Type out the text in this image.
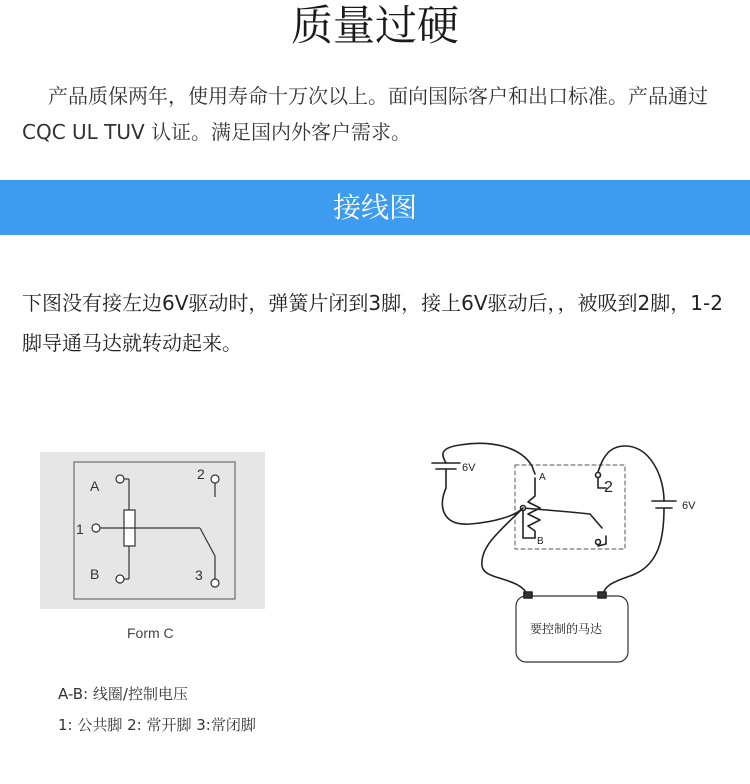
质量过硬
产品质保两年，使用寿命十万次以上。面向国际客户和出口标准。产品通过CQC UL TUV 认证。满足国内外客户需求。
接线图
下图没有接左边6V驱动时，弹簧片闭到3脚，接上6V驱动后，，被吸到2脚，1-2脚导通马达就转动起来。
A
B
1
2
3
Form C
6V
6V
A
B
2
要控制的马达
A-B: 线圈/控制电压
1: 公共脚 2: 常开脚 3:常闭脚
